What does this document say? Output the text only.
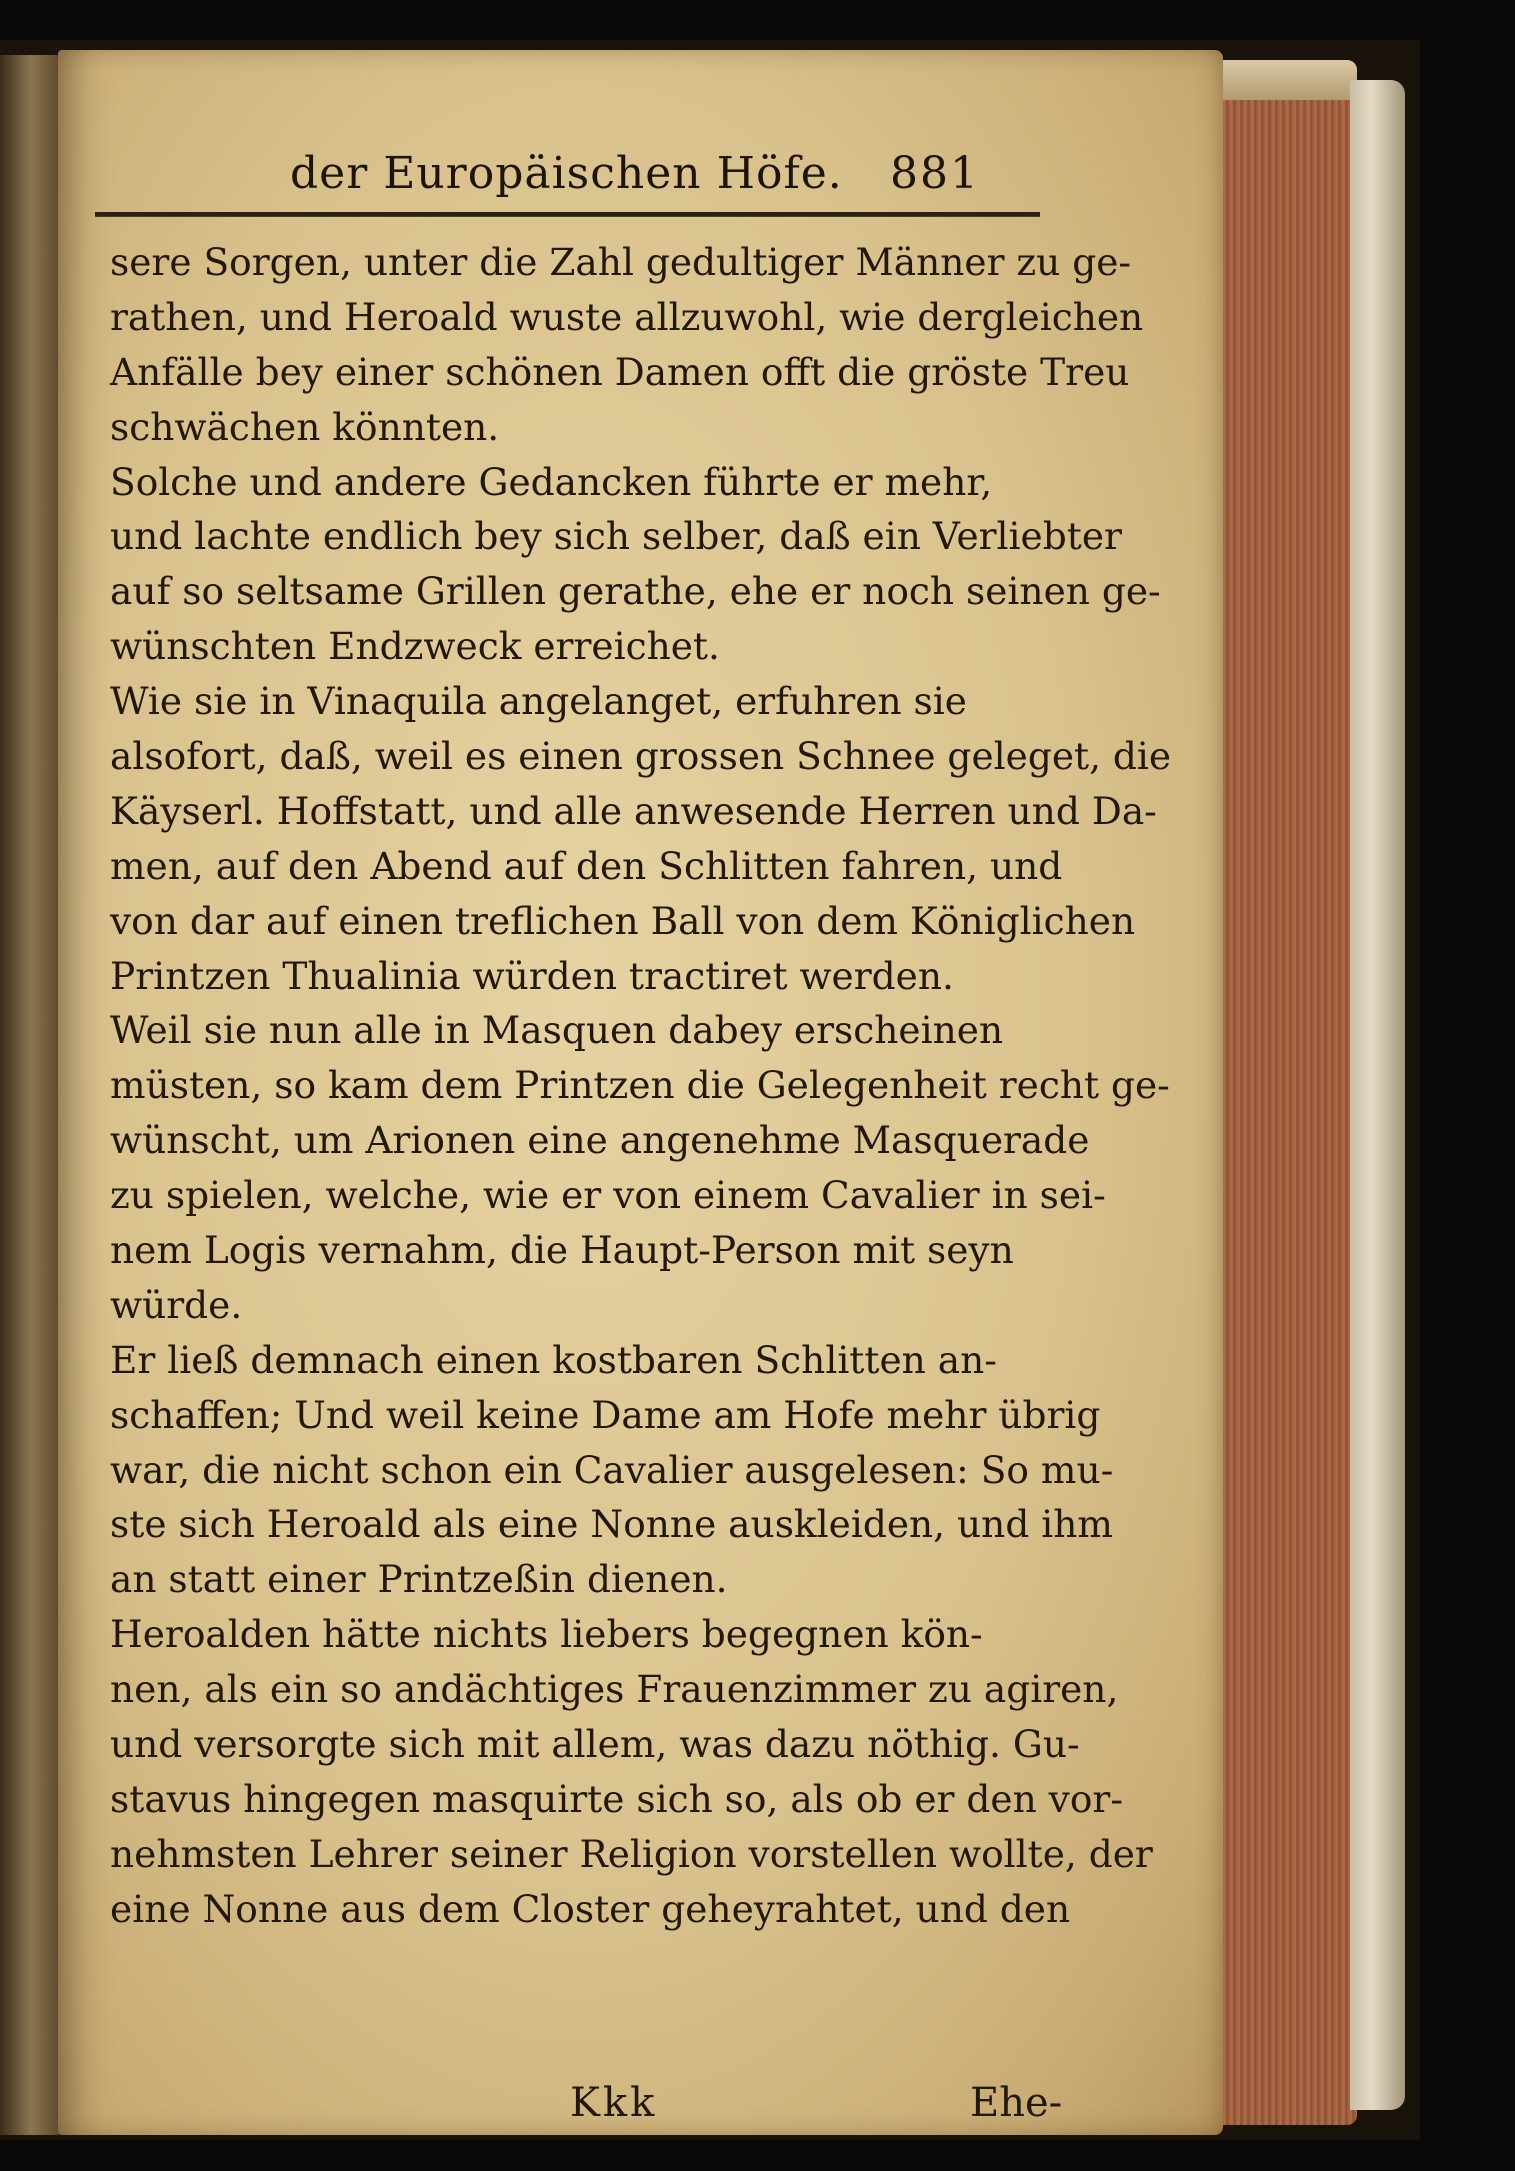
der Europäischen Höfe. 881
sere Sorgen, unter die Zahl gedultiger Männer zu ge-
rathen, und Heroald wuste allzuwohl, wie dergleichen
Anfälle bey einer schönen Damen offt die gröste Treu
schwächen könnten.
Solche und andere Gedancken führte er mehr,
und lachte endlich bey sich selber, daß ein Verliebter
auf so seltsame Grillen gerathe, ehe er noch seinen ge-
wünschten Endzweck erreichet.
Wie sie in Vinaquila angelanget, erfuhren sie
alsofort, daß, weil es einen grossen Schnee geleget, die
Käyserl. Hoffstatt, und alle anwesende Herren und Da-
men, auf den Abend auf den Schlitten fahren, und
von dar auf einen treflichen Ball von dem Königlichen
Printzen Thualinia würden tractiret werden.
Weil sie nun alle in Masquen dabey erscheinen
müsten, so kam dem Printzen die Gelegenheit recht ge-
wünscht, um Arionen eine angenehme Masquerade
zu spielen, welche, wie er von einem Cavalier in sei-
nem Logis vernahm, die Haupt-Person mit seyn
würde.
Er ließ demnach einen kostbaren Schlitten an-
schaffen; Und weil keine Dame am Hofe mehr übrig
war, die nicht schon ein Cavalier ausgelesen: So mu-
ste sich Heroald als eine Nonne auskleiden, und ihm
an statt einer Printzeßin dienen.
Heroalden hätte nichts liebers begegnen kön-
nen, als ein so andächtiges Frauenzimmer zu agiren,
und versorgte sich mit allem, was dazu nöthig. Gu-
stavus hingegen masquirte sich so, als ob er den vor-
nehmsten Lehrer seiner Religion vorstellen wollte, der
eine Nonne aus dem Closter geheyrahtet, und den
Kkk	Ehe-
